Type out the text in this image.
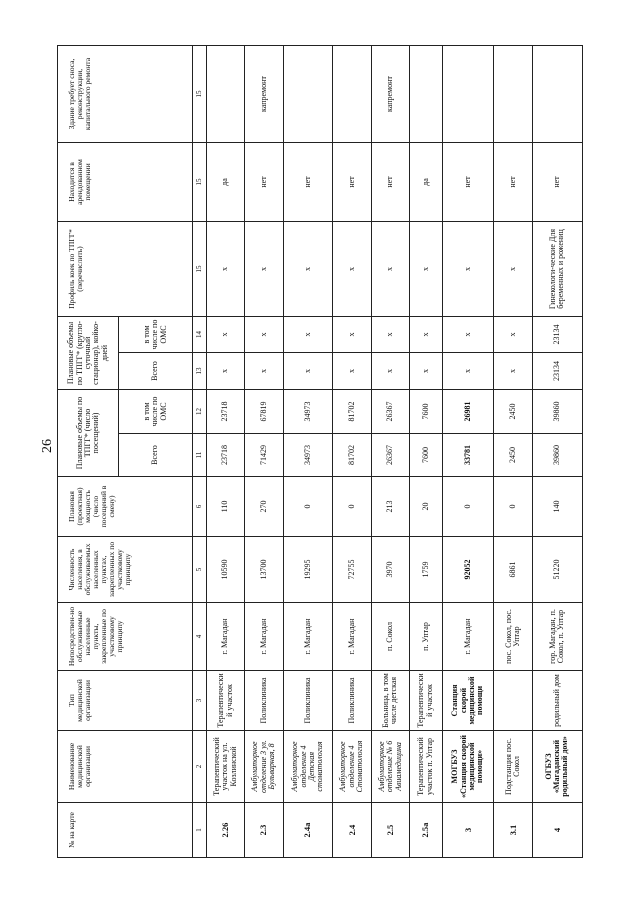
26
№ на карте	Наименование медицинской организации	Тип медицинской организации	Непосредствен-но обслуживаемые населенные пункты, закрепленные по участковому принципу	Численность населения, в обслуживаемых населенных пунктах, закрепленных по участковому принципу	Плановая (проектная) мощность (число посещений в смену)	Плановые объемы по ТПГГ* (число посещений)		Плановые объемы по ТПГГ* (кругло-суточный стационар), койко-дней		Профиль коек по ТПГГ* (перечислить)	Находится в арендованном помещении	Здание требует сноса, реконструкции, капитального ремонта
						Всего	в том числе по ОМС	Всего	в том числе по ОМС			
1	2	3	4	5	6	11	12	13	14	15	15	15
2.26	Терапевтический участок на ул. Козлинской	Терапевтически й участок	г. Магадан	10590	110	23718	23718	х	х	х	да	
2.3	Амбулаторное отделение 3 ул. Бульварная, 8	Поликлиника	г. Магадан	13700	270	71429	67819	х	х	х	нет	капремонт
2.4а	Амбулаторное отделение 4 Детская стоматология	Поликлиника	г. Магадан	19295	0	34973	34973	х	х	х	нет	
2.4	Амбулаторное отделение 4 Стоматология	Поликлиника	г. Магадан	72755	0	81702	81702	х	х	х	нет	
2.5	Амбулаторное отделение № 6 Авиамедицина	Больница, в том числе детская	п. Сокол	3970	213	26367	26367	х	х	х	нет	капремонт
2.5а	Терапевтический участок п. Уптар	Терапевтически й участок	п. Уптар	1759	20	7600	7600	х	х	х	да	
3	МОГБУЗ «Станция скорой медицинской помощи»	Станция скорой медицинской помощи	г. Магадан	92052	0	33781	26981	х	х	х	нет	
3.1	Подстанция пос. Сокол		пос. Сокол, пос. Уптар	6861	0	2450	2450	х	х	х	нет	
4	ОГБУЗ «Магаданский родильный дом»	родильный дом	гор. Магадан, п. Сокол, п. Уптар	51220	140	39860	39860	23134	23134	Гинекологи-ческие Для беременных и рожениц	нет	
